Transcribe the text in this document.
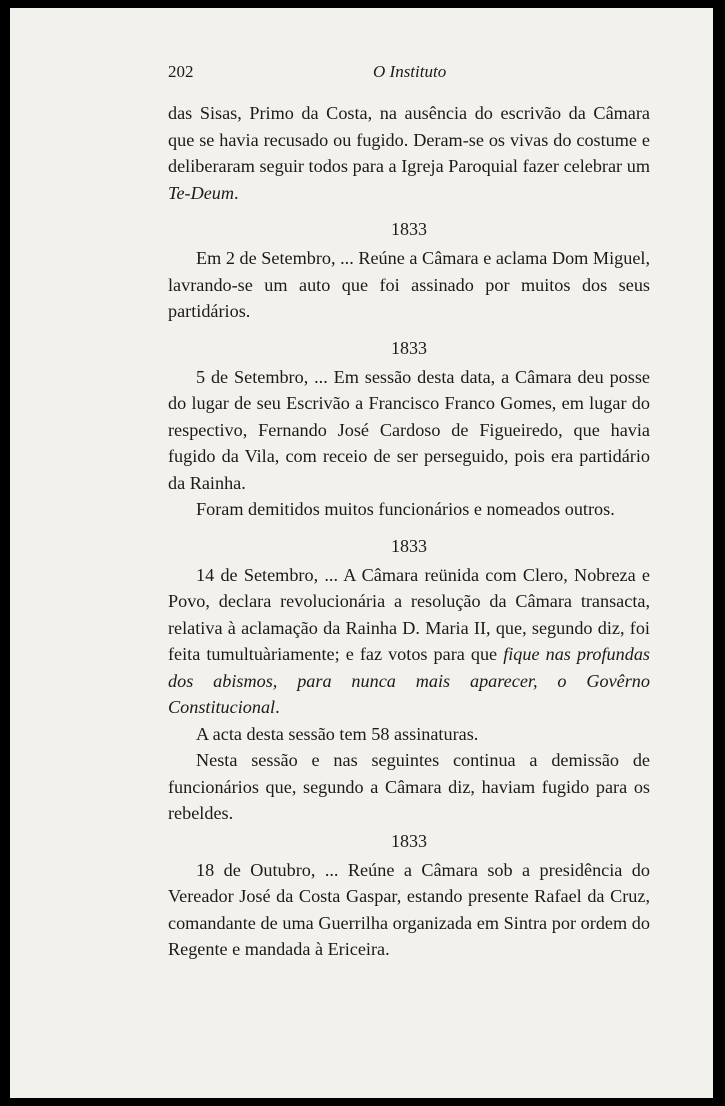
202	O Instituto

das Sisas, Primo da Costa, na ausência do escrivão da Câmara que se havia recusado ou fugido. Deram-se os vivas do costume e deliberaram seguir todos para a Igreja Paroquial fazer celebrar um Te-Deum.

1833

Em 2 de Setembro, ... Reúne a Câmara e aclama Dom Miguel, lavrando-se um auto que foi assinado por muitos dos seus partidários.

1833

5 de Setembro, ... Em sessão desta data, a Câmara deu posse do lugar de seu Escrivão a Francisco Franco Gomes, em lugar do respectivo, Fernando José Cardoso de Figueiredo, que havia fugido da Vila, com receio de ser perseguido, pois era partidário da Rainha.

Foram demitidos muitos funcionários e nomeados outros.

1833

14 de Setembro, ... A Câmara reünida com Clero, Nobreza e Povo, declara revolucionária a resolução da Câmara transacta, relativa à aclamação da Rainha D. Maria II, que, segundo diz, foi feita tumultuàriamente; e faz votos para que fique nas profundas dos abismos, para nunca mais aparecer, o Govêrno Constitucional.

A acta desta sessão tem 58 assinaturas.

Nesta sessão e nas seguintes continua a demissão de funcionários que, segundo a Câmara diz, haviam fugido para os rebeldes.

1833

18 de Outubro, ... Reúne a Câmara sob a presidência do Vereador José da Costa Gaspar, estando presente Rafael da Cruz, comandante de uma Guerrilha organizada em Sintra por ordem do Regente e mandada à Ericeira.
